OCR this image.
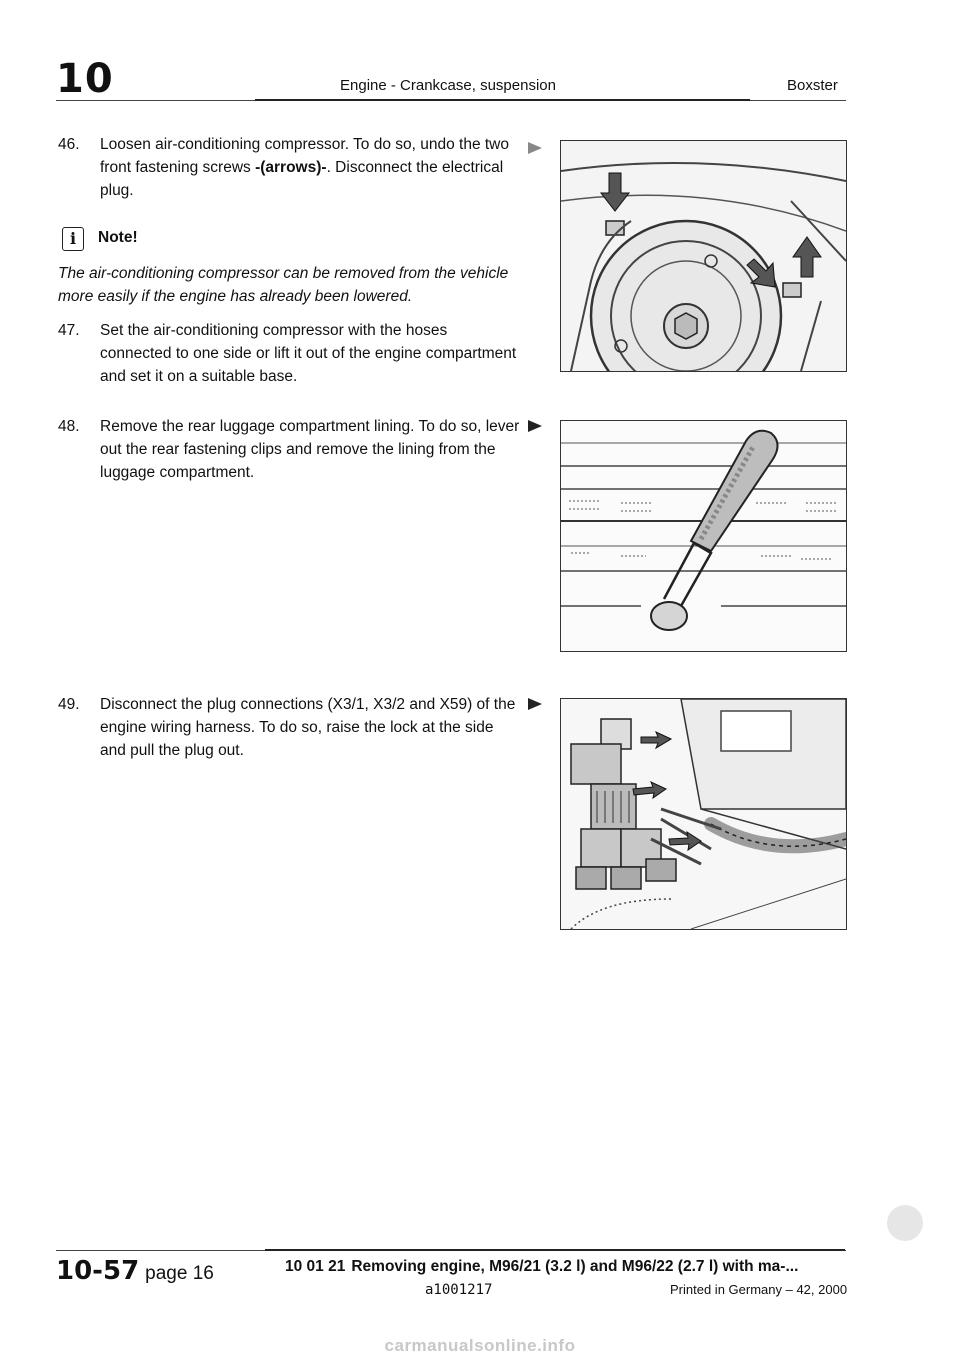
10	Engine - Crankcase, suspension	Boxster
46. Loosen air-conditioning compressor. To do so, undo the two front fastening screws -(arrows)-. Disconnect the electrical plug.
i	Note!
The air-conditioning compressor can be removed from the vehicle more easily if the engine has already been lowered.
47. Set the air-conditioning compressor with the hoses connected to one side or lift it out of the engine compartment and set it on a suitable base.
48. Remove the rear luggage compartment lining. To do so, lever out the rear fastening clips and remove the lining from the luggage compartment.
49. Disconnect the plug connections (X3/1, X3/2 and X59) of the engine wiring harness. To do so, raise the lock at the side and pull the plug out.
10-57 page 16	10 01 21 Removing engine, M96/21 (3.2 l) and M96/22 (2.7 l) with ma-...
a1001217	Printed in Germany – 42, 2000
carmanualsonline.info
